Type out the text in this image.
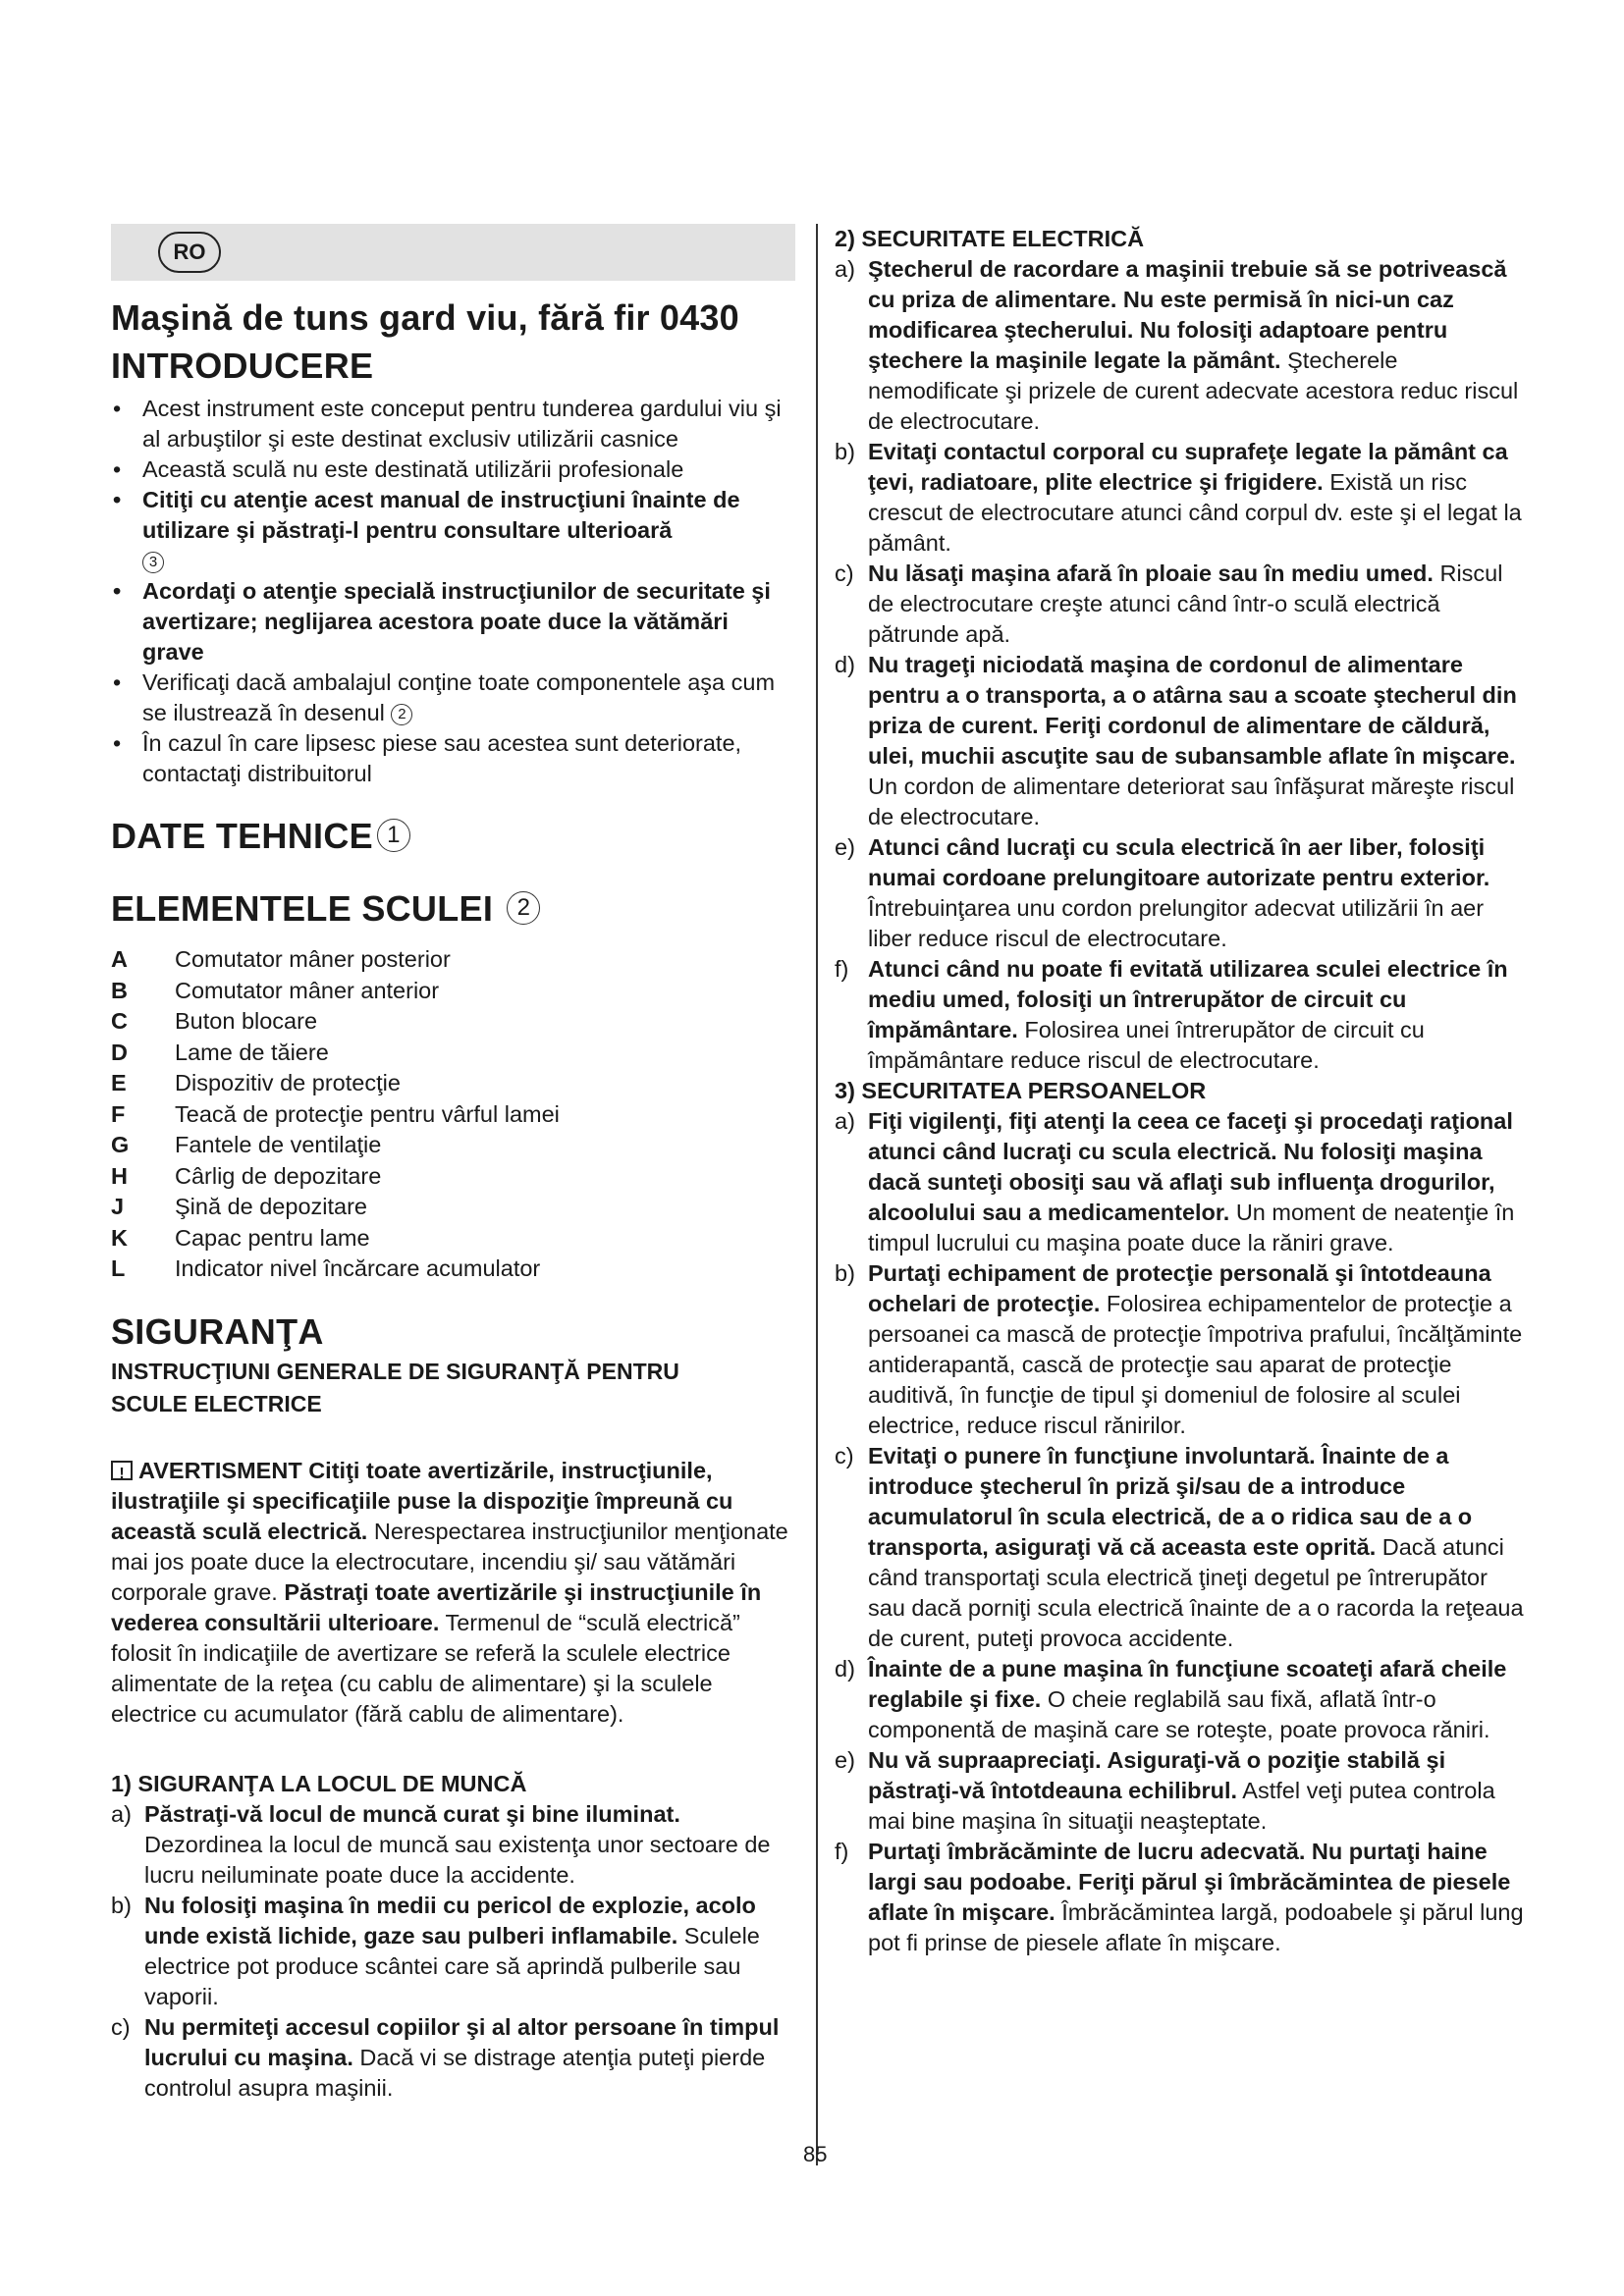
RO
Maşină de tuns gard viu, fără fir 0430
INTRODUCERE
• Acest instrument este conceput pentru tunderea gardului viu şi al arbuştilor şi este destinat exclusiv utilizării casnice
• Această sculă nu este destinată utilizării profesionale
• Citiţi cu atenţie acest manual de instrucţiuni înainte de utilizare şi păstraţi-l pentru consultare ulterioară
3
• Acordaţi o atenţie specială instrucţiunilor de securitate şi avertizare; neglijarea acestora poate duce la vătămări grave
• Verificaţi dacă ambalajul conţine toate componentele aşa cum se ilustrează în desenul 2
• În cazul în care lipsesc piese sau acestea sunt deteriorate, contactaţi distribuitorul
DATE TEHNICE 1
ELEMENTELE SCULEI 2
A	Comutator mâner posterior
B	Comutator mâner anterior
C	Buton blocare
D	Lame de tăiere
E	Dispozitiv de protecţie
F	Teacă de protecţie pentru vârful lamei
G	Fantele de ventilaţie
H	Cârlig de depozitare
J	Şină de depozitare
K	Capac pentru lame
L	Indicator nivel încărcare acumulator
SIGURANŢA
INSTRUCŢIUNI GENERALE DE SIGURANŢĂ PENTRU
SCULE ELECTRICE

!AVERTISMENT Citiţi toate avertizările, instrucţiunile, ilustraţiile şi specificaţiile puse la dispoziţie împreună cu această sculă electrică. Nerespectarea instrucţiunilor menţionate mai jos poate duce la electrocutare, incendiu şi/ sau vătămări corporale grave. Păstraţi toate avertizările şi instrucţiunile în vederea consultării ulterioare. Termenul de “sculă electrică” folosit în indicaţiile de avertizare se referă la sculele electrice alimentate de la reţea (cu cablu de alimentare) şi la sculele electrice cu acumulator (fără cablu de alimentare).

1) SIGURANŢA LA LOCUL DE MUNCĂ
a) Păstraţi-vă locul de muncă curat şi bine iluminat. Dezordinea la locul de muncă sau existenţa unor sectoare de lucru neiluminate poate duce la accidente.
b) Nu folosiţi maşina în medii cu pericol de explozie, acolo unde există lichide, gaze sau pulberi inflamabile. Sculele electrice pot produce scântei care să aprindă pulberile sau vaporii.
c) Nu permiteţi accesul copiilor şi al altor persoane în timpul lucrului cu maşina. Dacă vi se distrage atenţia puteţi pierde controlul asupra maşinii.
2) SECURITATE ELECTRICĂ
a) Ştecherul de racordare a maşinii trebuie să se potrivească cu priza de alimentare. Nu este permisă în nici-un caz modificarea ştecherului. Nu folosiţi adaptoare pentru ştechere la maşinile legate la pământ. Ştecherele nemodificate şi prizele de curent adecvate acestora reduc riscul de electrocutare.
b) Evitaţi contactul corporal cu suprafeţe legate la pământ ca ţevi, radiatoare, plite electrice şi frigidere. Există un risc crescut de electrocutare atunci când corpul dv. este şi el legat la pământ.
c) Nu lăsaţi maşina afară în ploaie sau în mediu umed. Riscul de electrocutare creşte atunci când într-o sculă electrică pătrunde apă.
d) Nu trageţi niciodată maşina de cordonul de alimentare pentru a o transporta, a o atârna sau a scoate ştecherul din priza de curent. Feriţi cordonul de alimentare de căldură, ulei, muchii ascuţite sau de subansamble aflate în mişcare. Un cordon de alimentare deteriorat sau înfăşurat măreşte riscul de electrocutare.
e) Atunci când lucraţi cu scula electrică în aer liber, folosiţi numai cordoane prelungitoare autorizate pentru exterior. Întrebuinţarea unu cordon prelungitor adecvat utilizării în aer liber reduce riscul de electrocutare.
f) Atunci când nu poate fi evitată utilizarea sculei electrice în mediu umed, folosiţi un întrerupător de circuit cu împământare. Folosirea unei întrerupător de circuit cu împământare reduce riscul de electrocutare.
3) SECURITATEA PERSOANELOR
a) Fiţi vigilenţi, fiţi atenţi la ceea ce faceţi şi procedaţi raţional atunci când lucraţi cu scula electrică. Nu folosiţi maşina dacă sunteţi obosiţi sau vă aflaţi sub influenţa drogurilor, alcoolului sau a medicamentelor. Un moment de neatenţie în timpul lucrului cu maşina poate duce la răniri grave.
b) Purtaţi echipament de protecţie personală şi întotdeauna ochelari de protecţie. Folosirea echipamentelor de protecţie a persoanei ca mască de protecţie împotriva prafului, încălţăminte antiderapantă, cască de protecţie sau aparat de protecţie auditivă, în funcţie de tipul şi domeniul de folosire al sculei electrice, reduce riscul rănirilor.
c) Evitaţi o punere în funcţiune involuntară. Înainte de a introduce ştecherul în priză şi/sau de a introduce acumulatorul în scula electrică, de a o ridica sau de a o transporta, asiguraţi vă că aceasta este oprită. Dacă atunci când transportaţi scula electrică ţineţi degetul pe întrerupător sau dacă porniţi scula electrică înainte de a o racorda la reţeaua de curent, puteţi provoca accidente.
d) Înainte de a pune maşina în funcţiune scoateţi afară cheile reglabile şi fixe. O cheie reglabilă sau fixă, aflată într-o componentă de maşină care se roteşte, poate provoca răniri.
e) Nu vă supraapreciaţi. Asiguraţi-vă o poziţie stabilă şi păstraţi-vă întotdeauna echilibrul. Astfel veţi putea controla mai bine maşina în situaţii neaşteptate.
f) Purtaţi îmbrăcăminte de lucru adecvată. Nu purtaţi haine largi sau podoabe. Feriţi părul şi îmbrăcămintea de piesele aflate în mişcare. Îmbrăcămintea largă, podoabele şi părul lung pot fi prinse de piesele aflate în mişcare.
85
